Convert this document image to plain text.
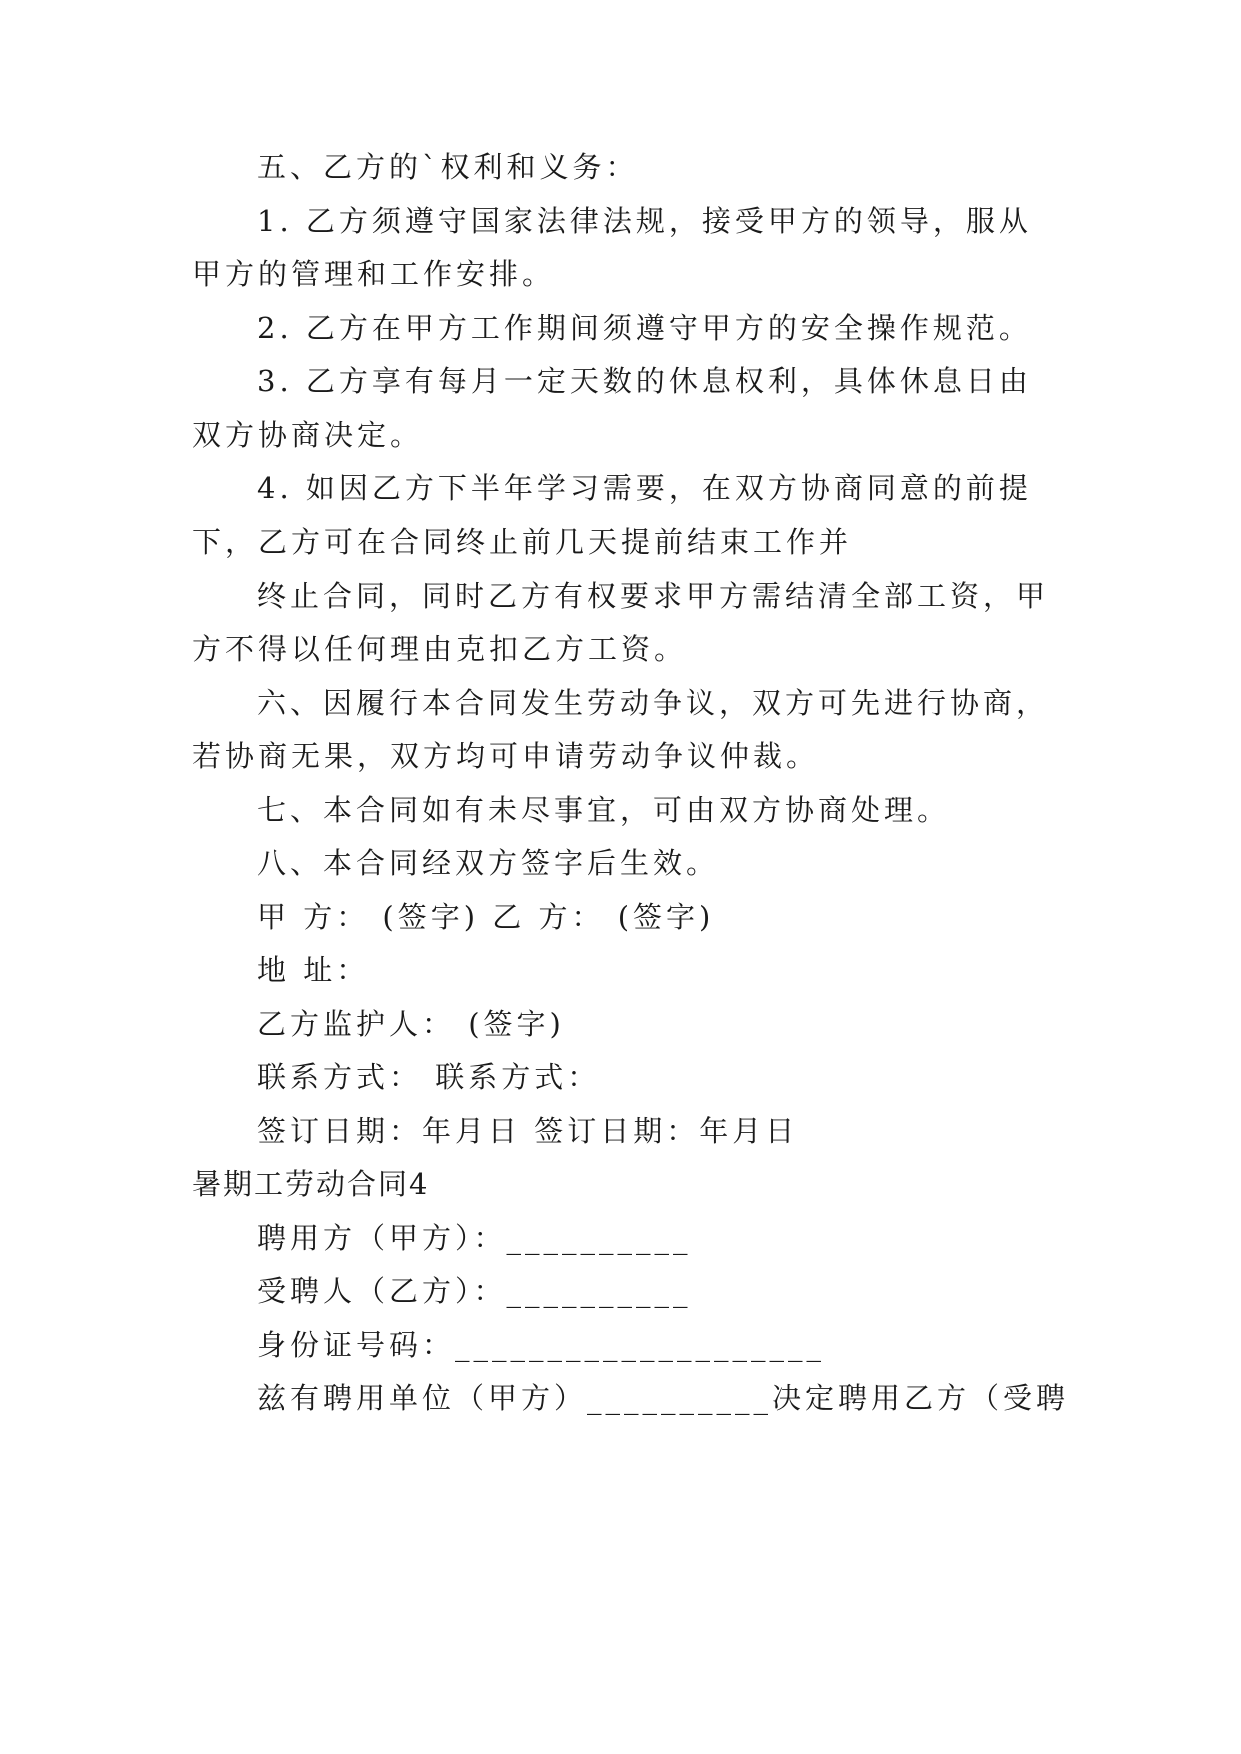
五、乙方的`权利和义务：
1. 乙方须遵守国家法律法规，接受甲方的领导，服从
甲方的管理和工作安排。
2. 乙方在甲方工作期间须遵守甲方的安全操作规范。
3. 乙方享有每月一定天数的休息权利，具体休息日由
双方协商决定。
4. 如因乙方下半年学习需要，在双方协商同意的前提
下，乙方可在合同终止前几天提前结束工作并
终止合同，同时乙方有权要求甲方需结清全部工资，甲
方不得以任何理由克扣乙方工资。
六、因履行本合同发生劳动争议，双方可先进行协商，
若协商无果，双方均可申请劳动争议仲裁。
七、本合同如有未尽事宜，可由双方协商处理。
八、本合同经双方签字后生效。
甲 方： (签字) 乙 方： (签字)
地 址：
乙方监护人： (签字)
联系方式： 联系方式：
签订日期：年月日 签订日期：年月日
暑期工劳动合同4
聘用方（甲方）：__________
受聘人（乙方）：__________
身份证号码：____________________
兹有聘用单位（甲方）__________决定聘用乙方（受聘
